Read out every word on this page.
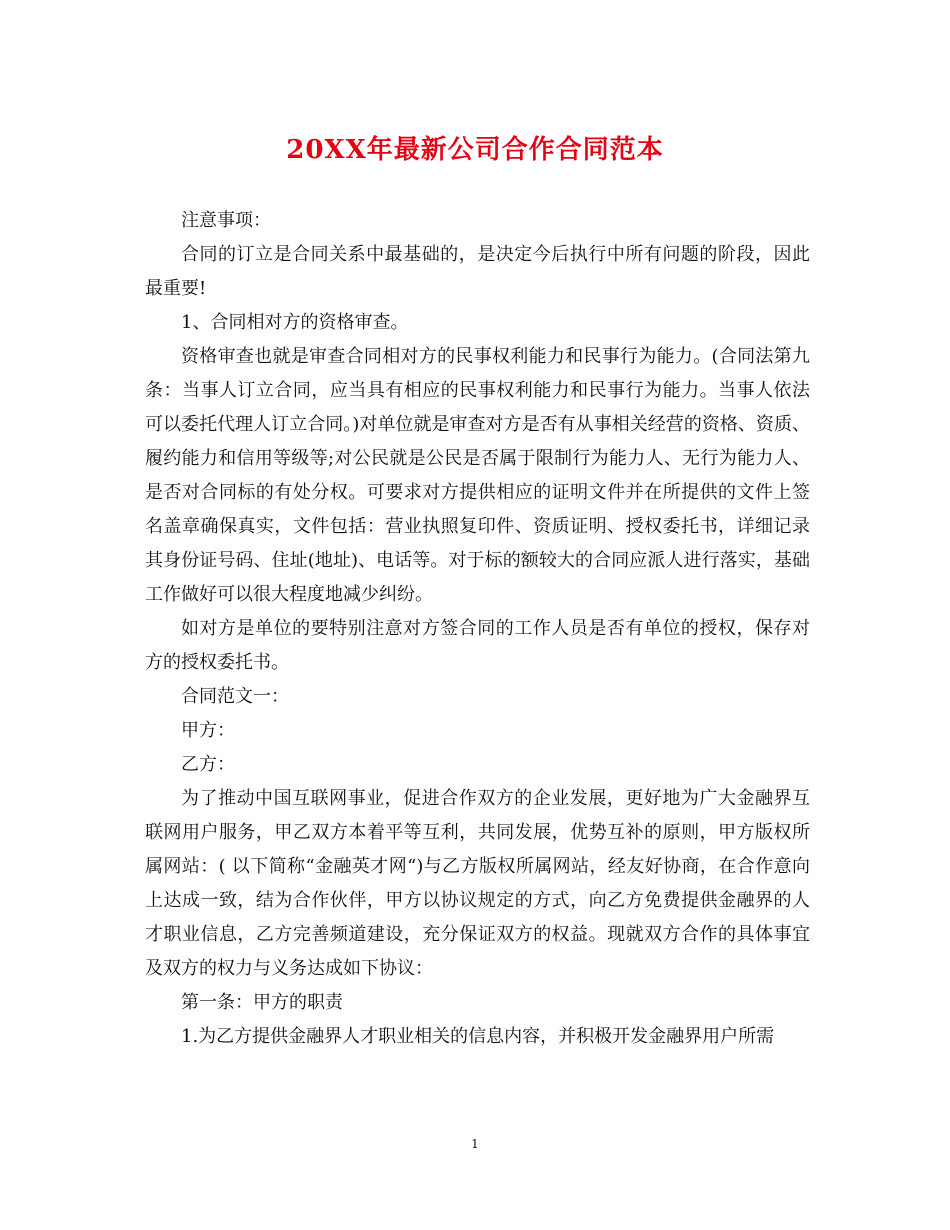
20XX年最新公司合作合同范本

注意事项：

合同的订立是合同关系中最基础的，是决定今后执行中所有问题的阶段，因此最重要!

1、合同相对方的资格审查。

资格审查也就是审查合同相对方的民事权利能力和民事行为能力。(合同法第九条：当事人订立合同，应当具有相应的民事权利能力和民事行为能力。当事人依法可以委托代理人订立合同。)对单位就是审查对方是否有从事相关经营的资格、资质、履约能力和信用等级等;对公民就是公民是否属于限制行为能力人、无行为能力人、是否对合同标的有处分权。可要求对方提供相应的证明文件并在所提供的文件上签名盖章确保真实，文件包括：营业执照复印件、资质证明、授权委托书，详细记录其身份证号码、住址(地址)、电话等。对于标的额较大的合同应派人进行落实，基础工作做好可以很大程度地减少纠纷。

如对方是单位的要特别注意对方签合同的工作人员是否有单位的授权，保存对方的授权委托书。

合同范文一：

甲方：

乙方：

为了推动中国互联网事业，促进合作双方的企业发展，更好地为广大金融界互联网用户服务，甲乙双方本着平等互利，共同发展，优势互补的原则，甲方版权所属网站：( 以下简称“金融英才网“)与乙方版权所属网站，经友好协商，在合作意向上达成一致，结为合作伙伴，甲方以协议规定的方式，向乙方免费提供金融界的人才职业信息，乙方完善频道建设，充分保证双方的权益。现就双方合作的具体事宜及双方的权力与义务达成如下协议：

第一条：甲方的职责

1.为乙方提供金融界人才职业相关的信息内容，并积极开发金融界用户所需

1
